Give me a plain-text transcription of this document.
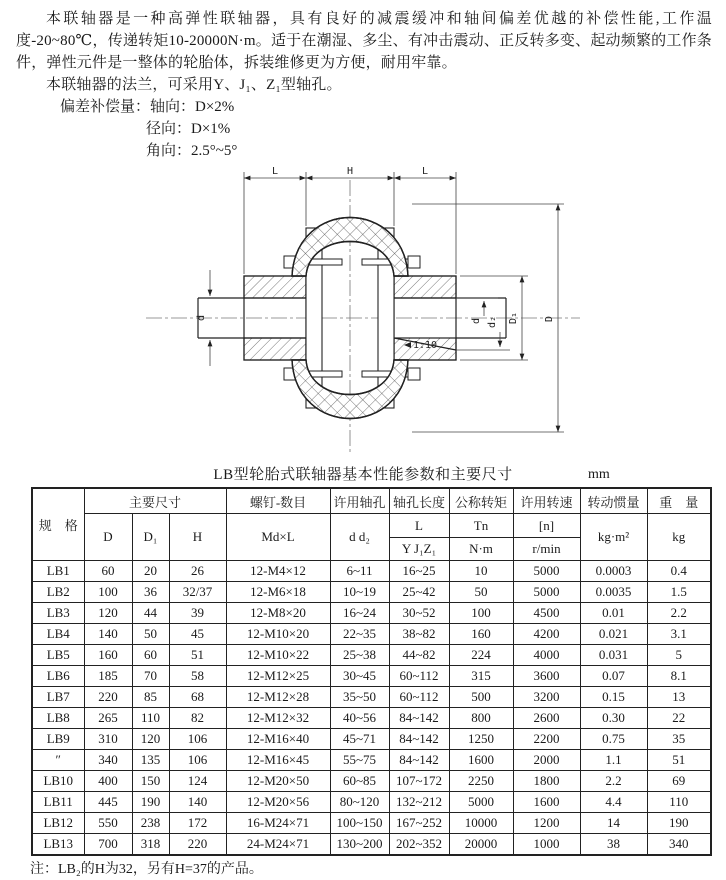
本联轴器是一种高弹性联轴器，具有良好的减震缓冲和轴间偏差优越的补偿性能,工作温度-20~80℃，传递转矩10-20000N·m。适于在潮湿、多尘、有冲击震动、正反转多变、起动频繁的工作条件，弹性元件是一整体的轮胎体，拆装维修更为方便，耐用牢靠。

本联轴器的法兰，可采用Y、J₁、Z₁型轴孔。

偏差补偿量：轴向：D×2%
径向：D×1%
角向：2.5°~5°
1:10
L	H	L
d	d d₂ D₁	D
LB型轮胎式联轴器基本性能参数和主要尺寸	mm
规　格	主要尺寸			螺钉-数目	许用轴孔	轴孔长度	公称转矩	许用转速	转动惯量	重　量
	D	D₁	H	Md×L	d d₂	L	Tn	[n]	kg·m²	kg
						Y J₁Z₁	N·m	r/min		
LB1	60	20	26	12-M4×12	6~11	16~25	10	5000	0.0003	0.4
LB2	100	36	32/37	12-M6×18	10~19	25~42	50	5000	0.0035	1.5
LB3	120	44	39	12-M8×20	16~24	30~52	100	4500	0.01	2.2
LB4	140	50	45	12-M10×20	22~35	38~82	160	4200	0.021	3.1
LB5	160	60	51	12-M10×22	25~38	44~82	224	4000	0.031	5
LB6	185	70	58	12-M12×25	30~45	60~112	315	3600	0.07	8.1
LB7	220	85	68	12-M12×28	35~50	60~112	500	3200	0.15	13
LB8	265	110	82	12-M12×32	40~56	84~142	800	2600	0.30	22
LB9	310	120	106	12-M16×40	45~71	84~142	1250	2200	0.75	35
″	340	135	106	12-M16×45	55~75	84~142	1600	2000	1.1	51
LB10	400	150	124	12-M20×50	60~85	107~172	2250	1800	2.2	69
LB11	445	190	140	12-M20×56	80~120	132~212	5000	1600	4.4	110
LB12	550	238	172	16-M24×71	100~150	167~252	10000	1200	14	190
LB13	700	318	220	24-M24×71	130~200	202~352	20000	1000	38	340
注：LB₂的H为32，另有H=37的产品。
